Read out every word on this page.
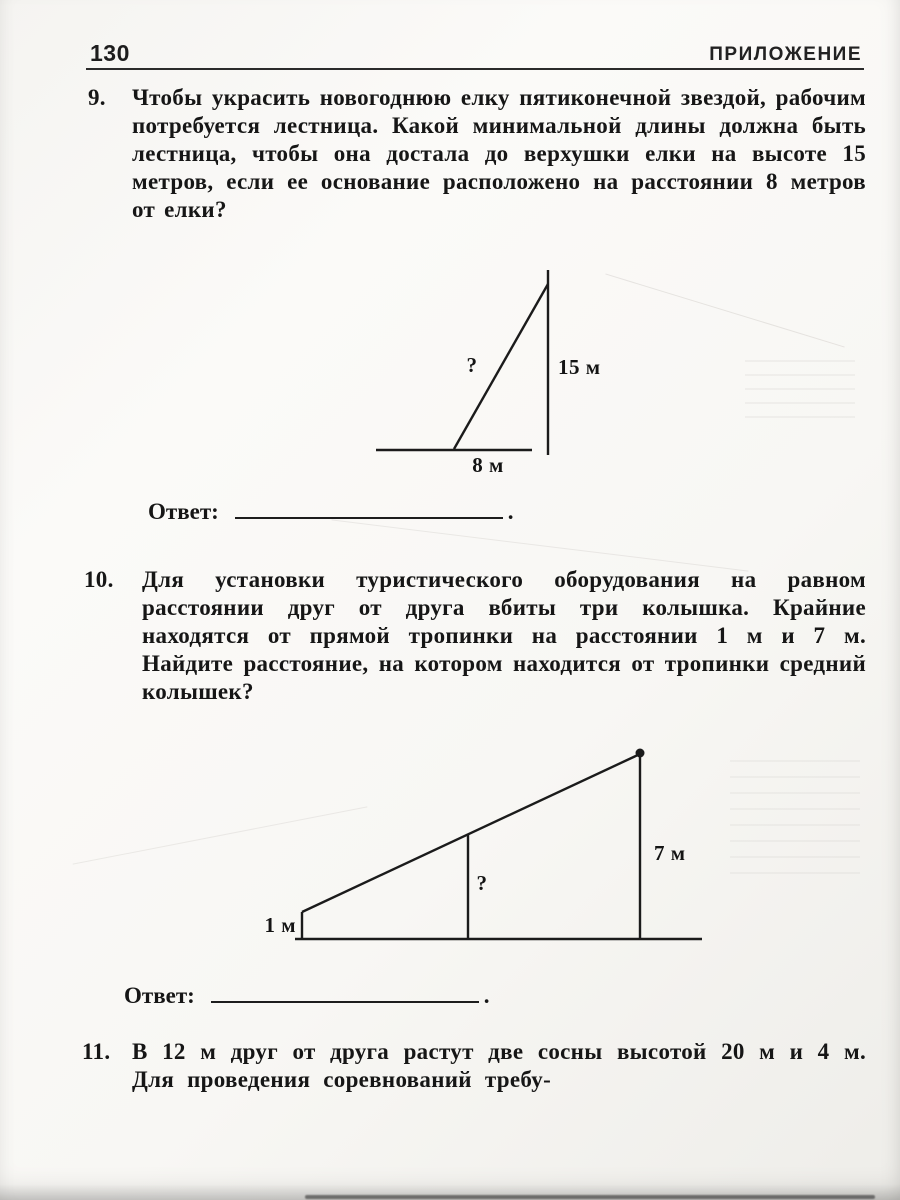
130	ПРИЛОЖЕНИЕ
9.	Чтобы украсить новогоднюю елку пятиконечной звездой, рабочим потребуется лестница. Какой минимальной длины должна быть лестница, чтобы она достала до верхушки елки на высоте 15 метров, если ее основание расположено на расстоянии 8 метров от елки?
?	15 м
8 м
Ответ:	.
10.	Для установки туристического оборудования на равном расстоянии друг от друга вбиты три колышка. Крайние находятся от прямой тропинки на расстоянии 1 м и 7 м. Найдите расстояние, на котором находится от тропинки средний колышек?
1 м
7 м
?
Ответ:	.
11. В 12 м друг от друга растут две сосны высотой 20 м и 4 м. Для проведения соревнований требу-
